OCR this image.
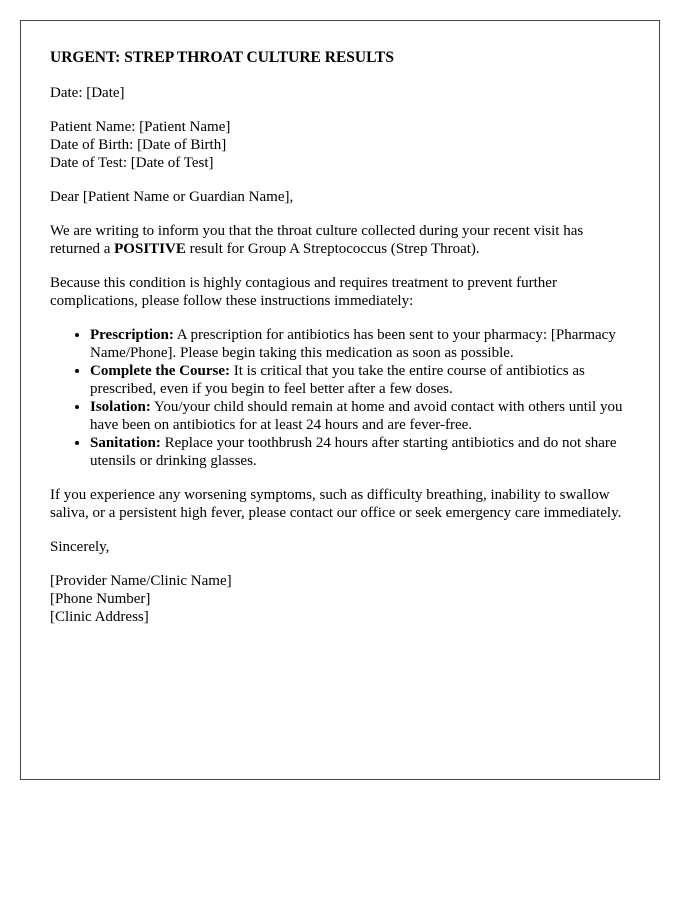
URGENT: STREP THROAT CULTURE RESULTS

Date: [Date]

Patient Name: [Patient Name]
Date of Birth: [Date of Birth]
Date of Test: [Date of Test]

Dear [Patient Name or Guardian Name],

We are writing to inform you that the throat culture collected during your recent visit has returned a POSITIVE result for Group A Streptococcus (Strep Throat).

Because this condition is highly contagious and requires treatment to prevent further complications, please follow these instructions immediately:

• Prescription: A prescription for antibiotics has been sent to your pharmacy: [Pharmacy Name/Phone]. Please begin taking this medication as soon as possible.
• Complete the Course: It is critical that you take the entire course of antibiotics as prescribed, even if you begin to feel better after a few doses.
• Isolation: You/your child should remain at home and avoid contact with others until you have been on antibiotics for at least 24 hours and are fever-free.
• Sanitation: Replace your toothbrush 24 hours after starting antibiotics and do not share utensils or drinking glasses.

If you experience any worsening symptoms, such as difficulty breathing, inability to swallow saliva, or a persistent high fever, please contact our office or seek emergency care immediately.

Sincerely,

[Provider Name/Clinic Name]
[Phone Number]
[Clinic Address]
